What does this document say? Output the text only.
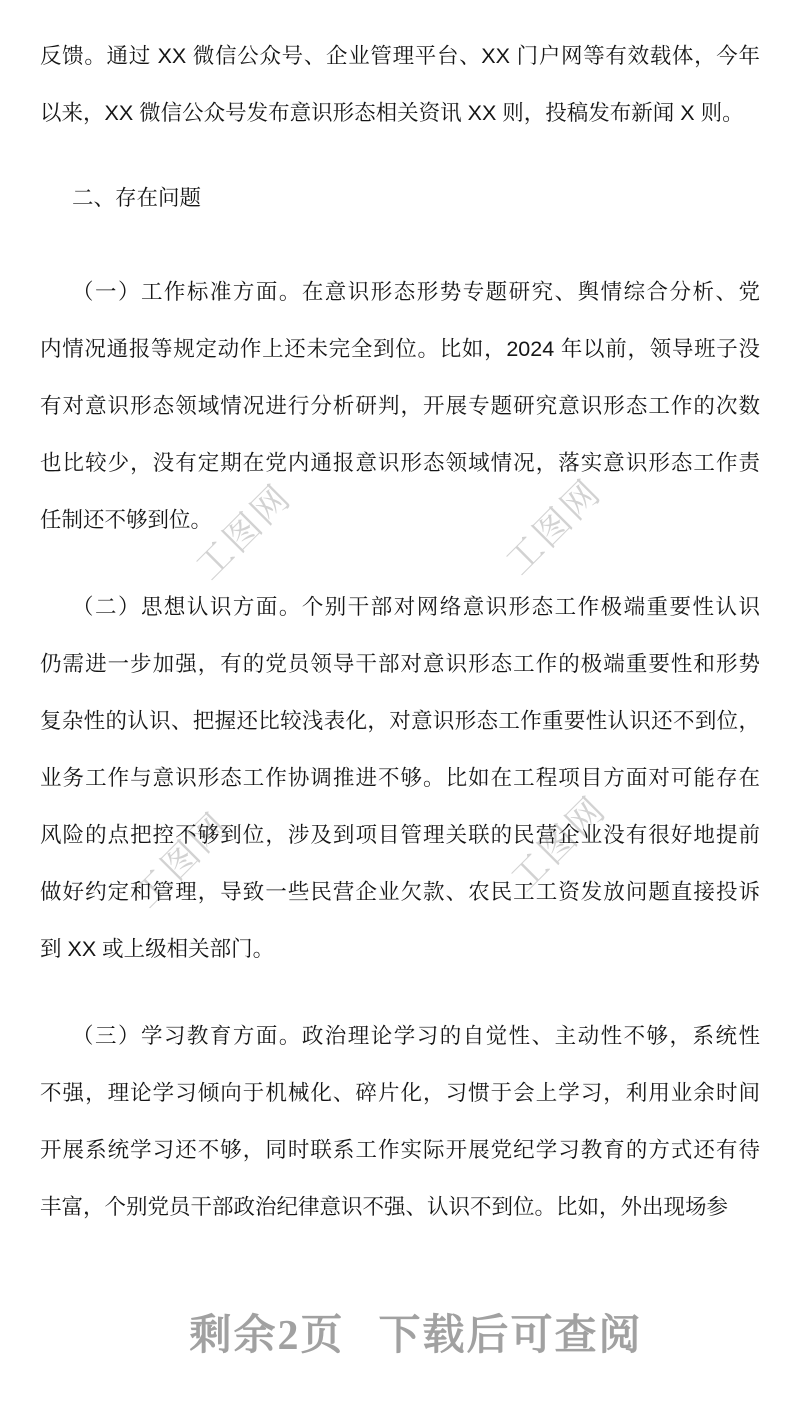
工图网	工图网
工图网	工图网
反馈。通过 XX 微信公众号、企业管理平台、XX 门户网等有效载体，今年
以来，XX 微信公众号发布意识形态相关资讯 XX 则，投稿发布新闻 X 则。
二、存在问题
（一）工作标准方面。在意识形态形势专题研究、舆情综合分析、党
内情况通报等规定动作上还未完全到位。比如，2024 年以前，领导班子没
有对意识形态领域情况进行分析研判，开展专题研究意识形态工作的次数
也比较少，没有定期在党内通报意识形态领域情况，落实意识形态工作责
任制还不够到位。
（二）思想认识方面。个别干部对网络意识形态工作极端重要性认识
仍需进一步加强，有的党员领导干部对意识形态工作的极端重要性和形势
复杂性的认识、把握还比较浅表化，对意识形态工作重要性认识还不到位，
业务工作与意识形态工作协调推进不够。比如在工程项目方面对可能存在
风险的点把控不够到位，涉及到项目管理关联的民营企业没有很好地提前
做好约定和管理，导致一些民营企业欠款、农民工工资发放问题直接投诉
到 XX 或上级相关部门。
（三）学习教育方面。政治理论学习的自觉性、主动性不够，系统性
不强，理论学习倾向于机械化、碎片化，习惯于会上学习，利用业余时间
开展系统学习还不够，同时联系工作实际开展党纪学习教育的方式还有待
丰富，个别党员干部政治纪律意识不强、认识不到位。比如，外出现场参
剩余2页 下载后可查阅
